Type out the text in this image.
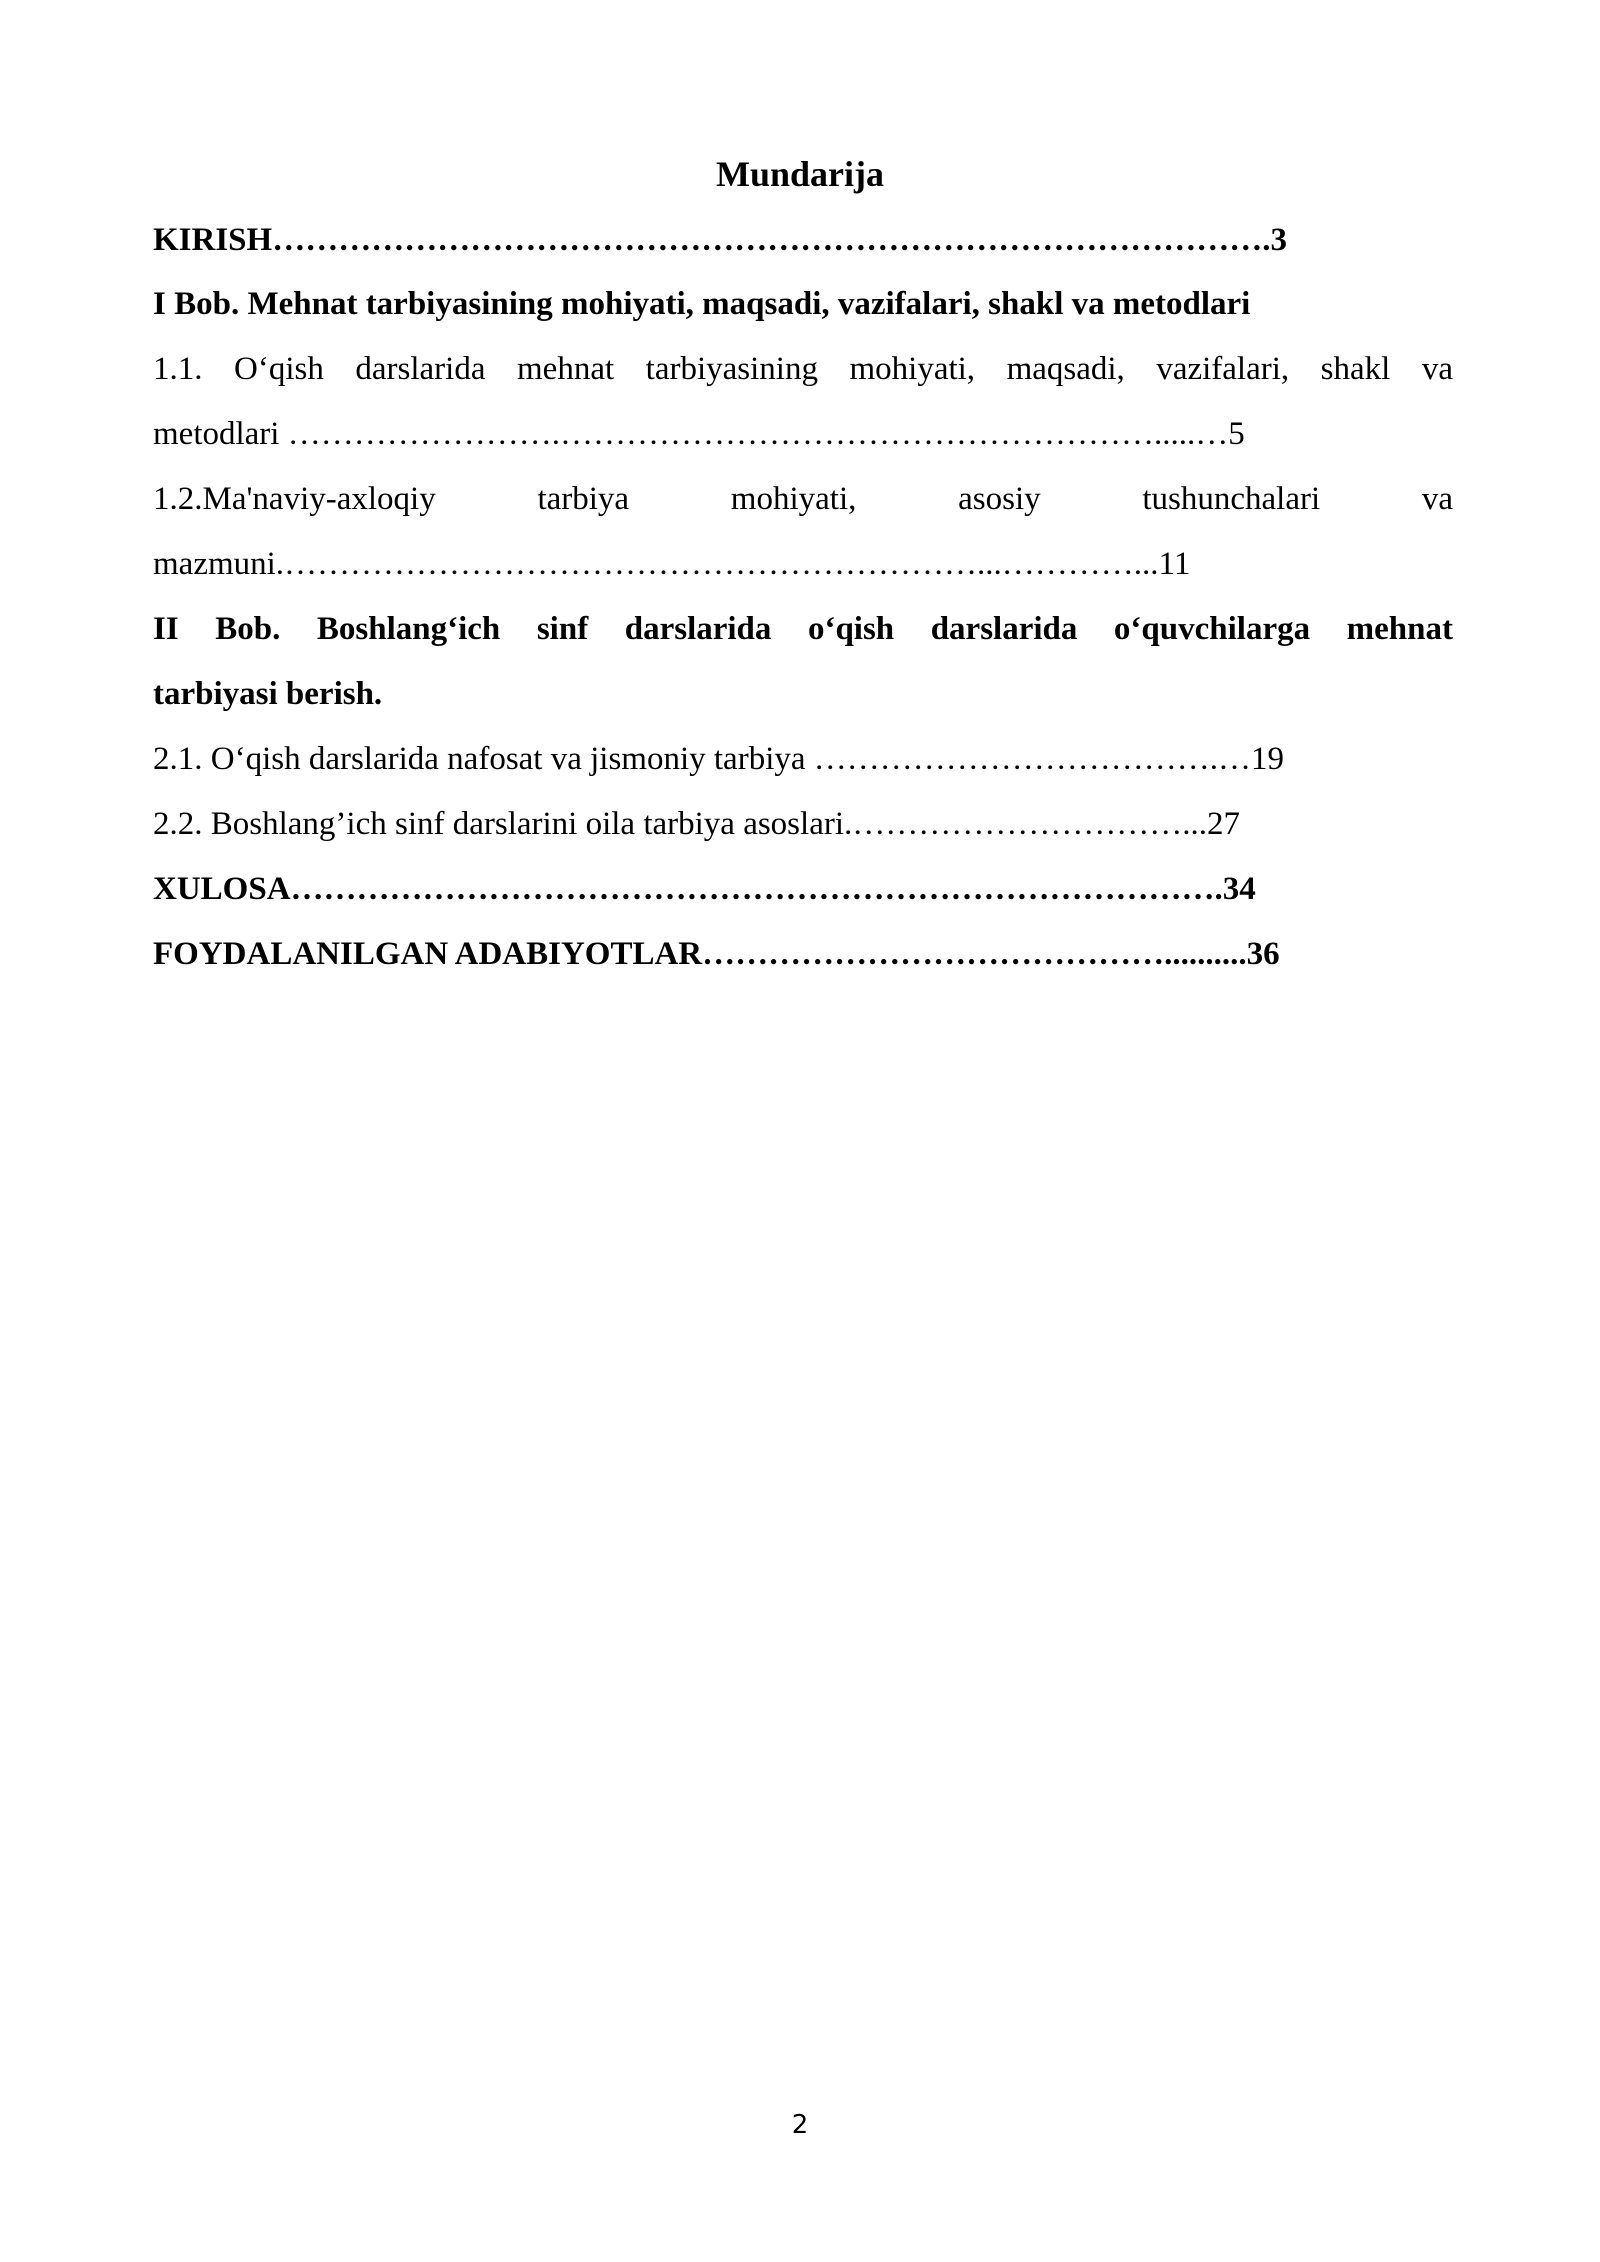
Mundarija
KIRISH……………………………………………………………………………….3
I Bob. Mehnat tarbiyasining mohiyati, maqsadi, vazifalari, shakl va metodlari
1.1. O‘qish darslarida mehnat tarbiyasining mohiyati, maqsadi, vazifalari, shakl va
metodlari …………………….……………………………………………….....…5
1.2.Ma'naviy-axloqiy tarbiya mohiyati, asosiy tushunchalari va
mazmuni.………………………………………………………...…………...11
II Bob. Boshlang‘ich sinf darslarida o‘qish darslarida o‘quvchilarga mehnat
tarbiyasi berish.
2.1. O‘qish darslarida nafosat va jismoniy tarbiya ……………………………….…19
2.2. Boshlang’ich sinf darslarini oila tarbiya asoslari.…………………………...27
XULOSA………………………………………………………………………….34
FOYDALANILGAN ADABIYOTLAR……………………………………..........36
2
